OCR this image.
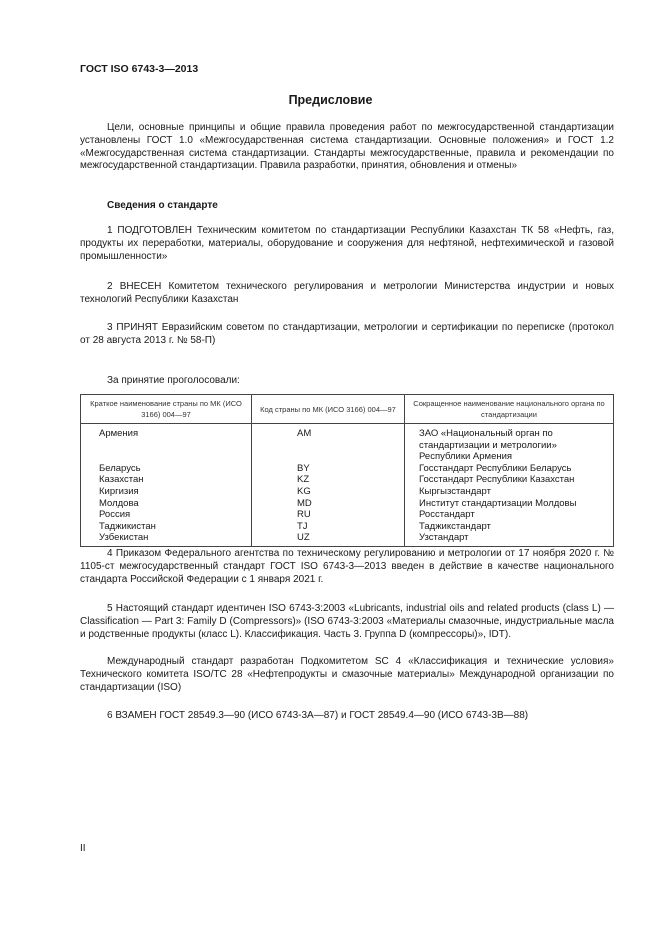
ГОСТ ISO 6743-3—2013
Предисловие
Цели, основные принципы и общие правила проведения работ по межгосударственной стандартизации установлены ГОСТ 1.0 «Межгосударственная система стандартизации. Основные положения» и ГОСТ 1.2 «Межгосударственная система стандартизации. Стандарты межгосударственные, правила и рекомендации по межгосударственной стандартизации. Правила разработки, принятия, обновления и отмены»
Сведения о стандарте
1 ПОДГОТОВЛЕН Техническим комитетом по стандартизации Республики Казахстан ТК 58 «Нефть, газ, продукты их переработки, материалы, оборудование и сооружения для нефтяной, нефтехимической и газовой промышленности»
2 ВНЕСЕН Комитетом технического регулирования и метрологии Министерства индустрии и новых технологий Республики Казахстан
3 ПРИНЯТ Евразийским советом по стандартизации, метрологии и сертификации по переписке (протокол от 28 августа 2013 г. № 58-П)
За принятие проголосовали:
Краткое наименование страны по МК (ИСО 3166) 004—97	Код страны по МК (ИСО 3166) 004—97	Сокращенное наименование национального органа по стандартизации
Армения	AM	ЗАО «Национальный орган по стандартизации и метрологии» Республики Армения
Беларусь	BY	Госстандарт Республики Беларусь
Казахстан	KZ	Госстандарт Республики Казахстан
Киргизия	KG	Кыргызстандарт
Молдова	MD	Институт стандартизации Молдовы
Россия	RU	Росстандарт
Таджикистан	TJ	Таджикстандарт
Узбекистан	UZ	Узстандарт
4 Приказом Федерального агентства по техническому регулированию и метрологии от 17 ноября 2020 г. № 1105-ст межгосударственный стандарт ГОСТ ISO 6743-3—2013 введен в действие в качестве национального стандарта Российской Федерации с 1 января 2021 г.
5 Настоящий стандарт идентичен ISO 6743-3:2003 «Lubricants, industrial oils and related products (class L) — Classification — Part 3: Family D (Compressors)» (ISO 6743-3:2003 «Материалы смазочные, индустриальные масла и родственные продукты (класс L). Классификация. Часть 3. Группа D (компрессоры)», IDT).
Международный стандарт разработан Подкомитетом SC 4 «Классификация и технические условия» Технического комитета ISO/TC 28 «Нефтепродукты и смазочные материалы» Международной организации по стандартизации (ISO)
6 ВЗАМЕН ГОСТ 28549.3—90 (ИСО 6743-3А—87) и ГОСТ 28549.4—90 (ИСО 6743-3В—88)
II
